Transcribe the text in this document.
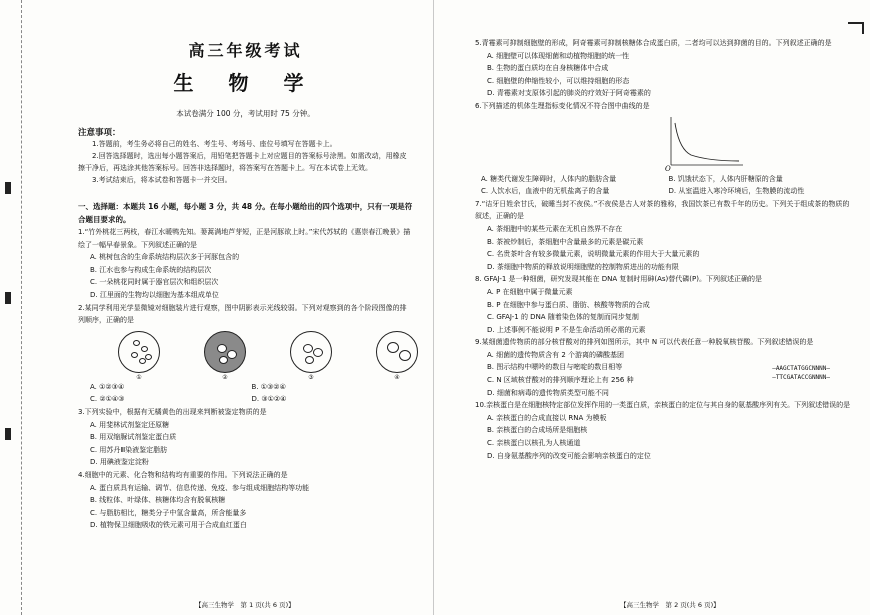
高三年级考试
生 物 学
本试卷满分 100 分，考试用时 75 分钟。
注意事项：
1.答题前，考生务必将自己的姓名、考生号、考场号、座位号填写在答题卡上。
2.回答选择题时，选出每小题答案后，用铅笔把答题卡上对应题目的答案标号涂黑。如需改动，用橡皮擦干净后，再选涂其他答案标号。回答非选择题时，将答案写在答题卡上。写在本试卷上无效。
3.考试结束后，将本试卷和答题卡一并交回。
一、选择题：本题共 16 小题，每小题 3 分，共 48 分。在每小题给出的四个选项中，只有一项是符合题目要求的。
1.“竹外桃花三两枝，春江水暖鸭先知。蒌蒿满地芦芽短，正是河豚欲上时。”宋代苏轼的《惠崇春江晚景》描绘了一幅早春景象。下列叙述正确的是
A. 桃树包含的生命系统结构层次多于河豚包含的
B. 江水也参与构成生命系统的结构层次
C. 一朵桃花同时属于器官层次和组织层次
D. 江里面的生物均以细胞为基本组成单位
2.某同学利用光学显微镜对细胞装片进行观察，图中阴影表示光线较弱。下列对观察到的各个阶段图像的排列顺序，正确的是
①	②	③	④
A. ①②③④	B. ①③②④
C. ②①④③	D. ③①②④
3.下列实验中，根据有无橘黄色的出现来判断被鉴定物质的是
A. 用斐林试剂鉴定还原糖
B. 用双缩脲试剂鉴定蛋白质
C. 用苏丹Ⅲ染液鉴定脂肪
D. 用碘液鉴定淀粉
4.细胞中的元素、化合物和结构均有重要的作用。下列说法正确的是
A. 蛋白质具有运输、调节、信息传递、免疫、参与组成细胞结构等功能
B. 线粒体、叶绿体、核糖体均含有脱氧核糖
C. 与脂肪相比，糖类分子中氢含量高，所含能量多
D. 植物保卫细胞吸收的铁元素可用于合成血红蛋白
【高三生物学　第 1 页(共 6 页)】
5.青霉素可抑制细胞壁的形成，阿奇霉素可抑制核糖体合成蛋白质，二者均可以达到抑菌的目的。下列叙述正确的是
A. 细胞壁可以体现细菌和动植物细胞的统一性
B. 生物的蛋白质均在自身核糖体中合成
C. 细胞壁的伸缩性较小，可以维持细胞的形态
D. 青霉素对支原体引起的肺炎的疗效好于阿奇霉素的
6.下列描述的机体生理指标变化情况不符合图中曲线的是
O
A. 糖类代谢发生障碍时，人体内的脂肪含量	B. 饥饿状态下，人体内肝糖原的含量
C. 人饮水后，血液中的无机盐离子的含量	D. 从室温进入寒冷环境后，生物膜的流动性
7.“诘牙日姓余甘氏，破睡当封不夜侯。”不夜侯是古人对茶的雅称，我国饮茶已有数千年的历史。下列关于组成茶的物质的叙述，正确的是
A. 茶细胞中的某些元素在无机自然界不存在
B. 茶被炒制后，茶细胞中含量最多的元素是碳元素
C. 名贵茶叶含有较多微量元素，说明微量元素的作用大于大量元素的
D. 茶细胞中物质的释放说明细胞壁的控制物质进出的功能有限
8. GFAJ-1 是一种细菌，研究发现其能在 DNA 复制时用砷(As)替代磷(P)。下列叙述正确的是
A. P 在细胞中属于微量元素
B. P 在细胞中参与蛋白质、脂肪、核酸等物质的合成
C. GFAJ-1 的 DNA 随着染色体的复制而同步复制
D. 上述事例不能说明 P 不是生命活动所必需的元素
9.某细菌遗传物质的部分核苷酸对的排列如图所示，其中 N 可以代表任意一种脱氧核苷酸。下列叙述错误的是
—AAGCTATGGCNNNN—
—TTCGATACCGNNNN—
A. 细菌的遗传物质含有 2 个游离的磷酸基团
B. 图示结构中嘌呤的数目与嘧啶的数目相等
C. N 区域核苷酸对的排列顺序理论上有 256 种
D. 细菌和病毒的遗传物质类型可能不同
10.亲核蛋白是在细胞核特定部位发挥作用的一类蛋白质，亲核蛋白的定位与其自身的氨基酸序列有关。下列叙述错误的是
A. 亲核蛋白的合成直接以 RNA 为模板
B. 亲核蛋白的合成场所是细胞核
C. 亲核蛋白以核孔为人核通道
D. 自身氨基酸序列的改变可能会影响亲核蛋白的定位
【高三生物学　第 2 页(共 6 页)】
